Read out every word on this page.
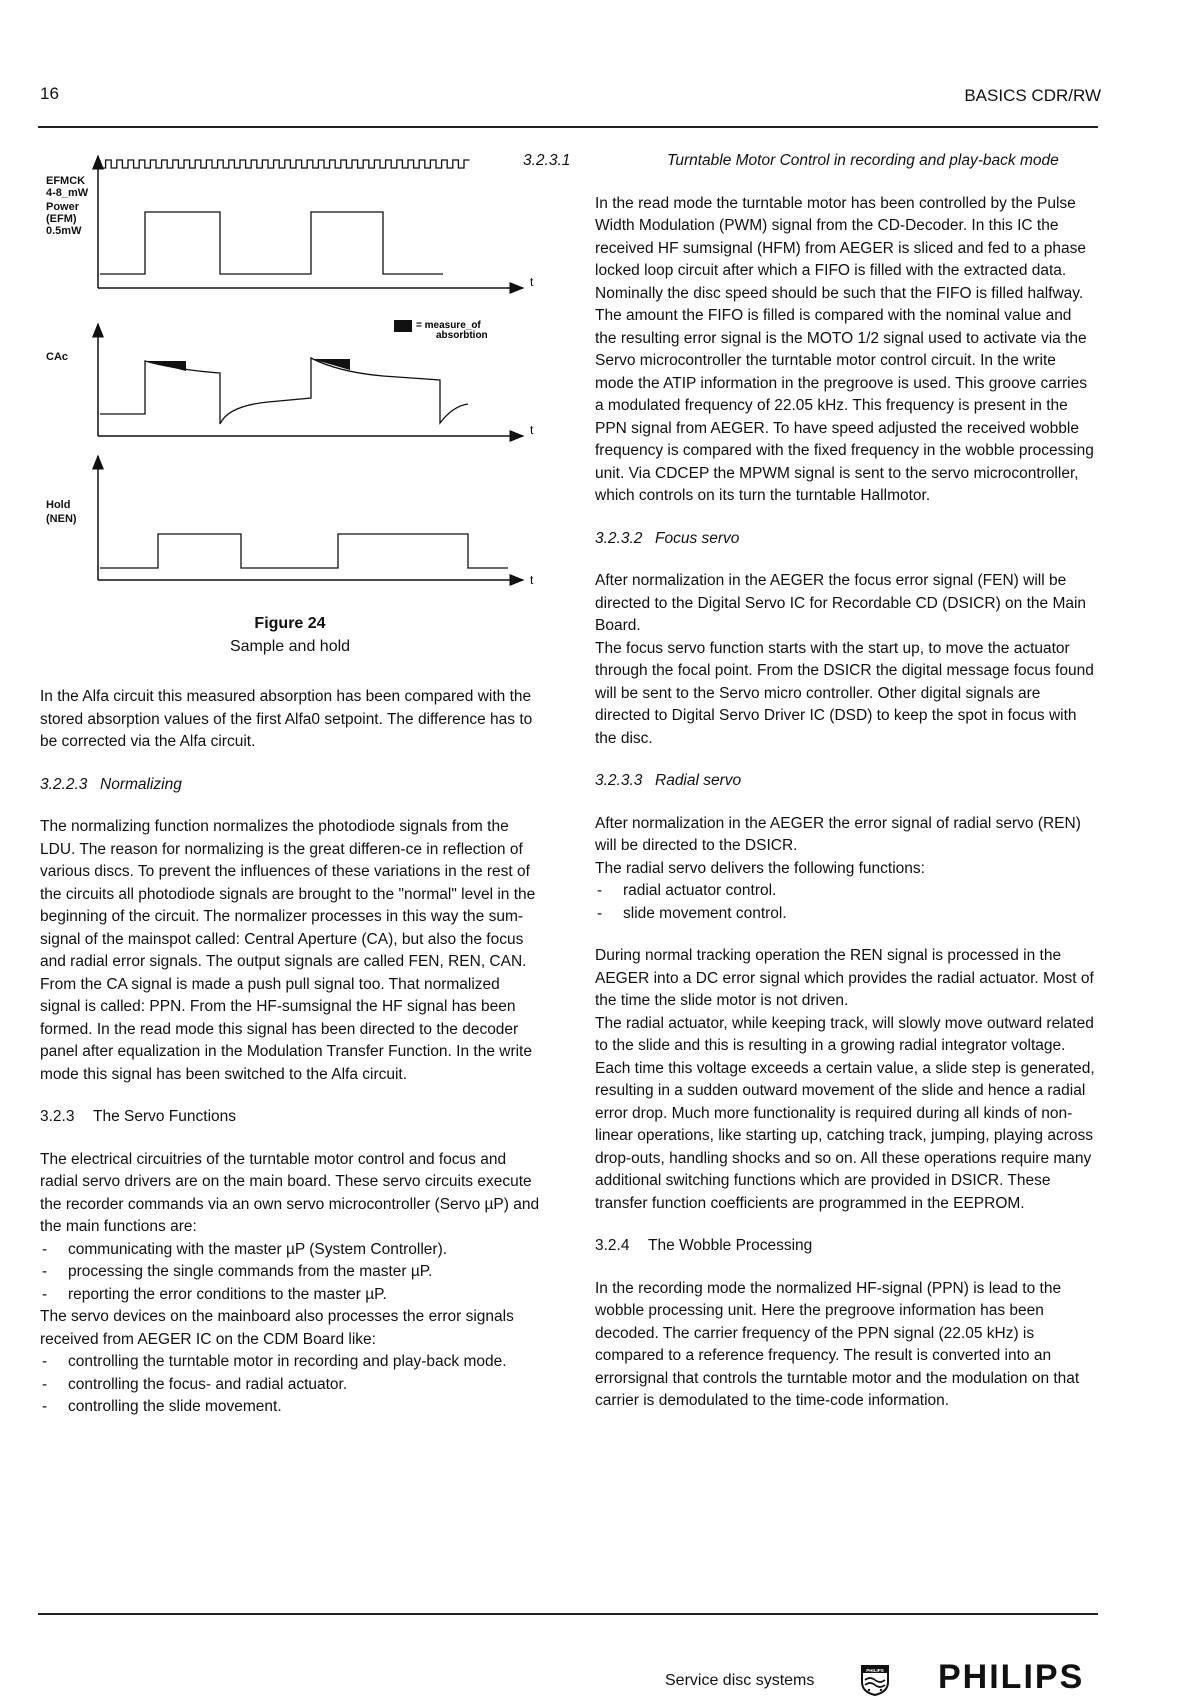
16	BASICS CDR/RW
EFMCK
4-8_mW
Power
(EFM)
0.5mW
CAc
Hold
(NEN)
t
t
= measure_of
absorbtion
t
Figure 24
Sample and hold

In the Alfa circuit this measured absorption has been compared with the stored absorption values of the first Alfa0 setpoint. The difference has to be corrected via the Alfa circuit.

3.2.2.3 Normalizing

The normalizing function normalizes the photodiode signals from the LDU. The reason for normalizing is the great differen-ce in reflection of various discs. To prevent the influences of these variations in the rest of the circuits all photodiode signals are brought to the "normal" level in the beginning of the circuit. The normalizer processes in this way the sum-signal of the mainspot called: Central Aperture (CA), but also the focus and radial error signals. The output signals are called FEN, REN, CAN. From the CA signal is made a push pull signal too. That normalized signal is called: PPN. From the HF-sumsignal the HF signal has been formed. In the read mode this signal has been directed to the decoder panel after equalization in the Modulation Transfer Function. In the write mode this signal has been switched to the Alfa circuit.

3.2.3 The Servo Functions

The electrical circuitries of the turntable motor control and focus and radial servo drivers are on the main board. These servo circuits execute the recorder commands via an own servo microcontroller (Servo µP) and the main functions are:

- communicating with the master µP (System Controller).
- processing the single commands from the master µP.
- reporting the error conditions to the master µP.

The servo devices on the mainboard also processes the error signals received from AEGER IC on the CDM Board like:

- controlling the turntable motor in recording and play-back mode.
- controlling the focus- and radial actuator.
- controlling the slide movement.

3.2.3.1	Turntable Motor Control in recording and play-back mode

In the read mode the turntable motor has been controlled by the Pulse Width Modulation (PWM) signal from the CD-Decoder. In this IC the received HF sumsignal (HFM) from AEGER is sliced and fed to a phase locked loop circuit after which a FIFO is filled with the extracted data. Nominally the disc speed should be such that the FIFO is filled halfway. The amount the FIFO is filled is compared with the nominal value and the resulting error signal is the MOTO 1/2 signal used to activate via the Servo microcontroller the turntable motor control circuit. In the write mode the ATIP information in the pregroove is used. This groove carries a modulated frequency of 22.05 kHz. This frequency is present in the PPN signal from AEGER. To have speed adjusted the received wobble frequency is compared with the fixed frequency in the wobble processing unit. Via CDCEP the MPWM signal is sent to the servo microcontroller, which controls on its turn the turntable Hallmotor.

3.2.3.2 Focus servo

After normalization in the AEGER the focus error signal (FEN) will be directed to the Digital Servo IC for Recordable CD (DSICR) on the Main Board.

The focus servo function starts with the start up, to move the actuator through the focal point. From the DSICR the digital message focus found will be sent to the Servo micro controller. Other digital signals are directed to Digital Servo Driver IC (DSD) to keep the spot in focus with the disc.

3.2.3.3 Radial servo

After normalization in the AEGER the error signal of radial servo (REN) will be directed to the DSICR.

The radial servo delivers the following functions:

- radial actuator control.
- slide movement control.

During normal tracking operation the REN signal is processed in the AEGER into a DC error signal which provides the radial actuator. Most of the time the slide motor is not driven.

The radial actuator, while keeping track, will slowly move outward related to the slide and this is resulting in a growing radial integrator voltage. Each time this voltage exceeds a certain value, a slide step is generated, resulting in a sudden outward movement of the slide and hence a radial error drop. Much more functionality is required during all kinds of non-linear operations, like starting up, catching track, jumping, playing across drop-outs, handling shocks and so on. All these operations require many additional switching functions which are provided in DSICR. These transfer function coefficients are programmed in the EEPROM.

3.2.4 The Wobble Processing

In the recording mode the normalized HF-signal (PPN) is lead to the wobble processing unit. Here the pregroove information has been decoded. The carrier frequency of the PPN signal (22.05 kHz) is compared to a reference frequency. The result is converted into an errorsignal that controls the turntable motor and the modulation on that carrier is demodulated to the time-code information.

Service disc systems
PHILIPS PHILIPS
